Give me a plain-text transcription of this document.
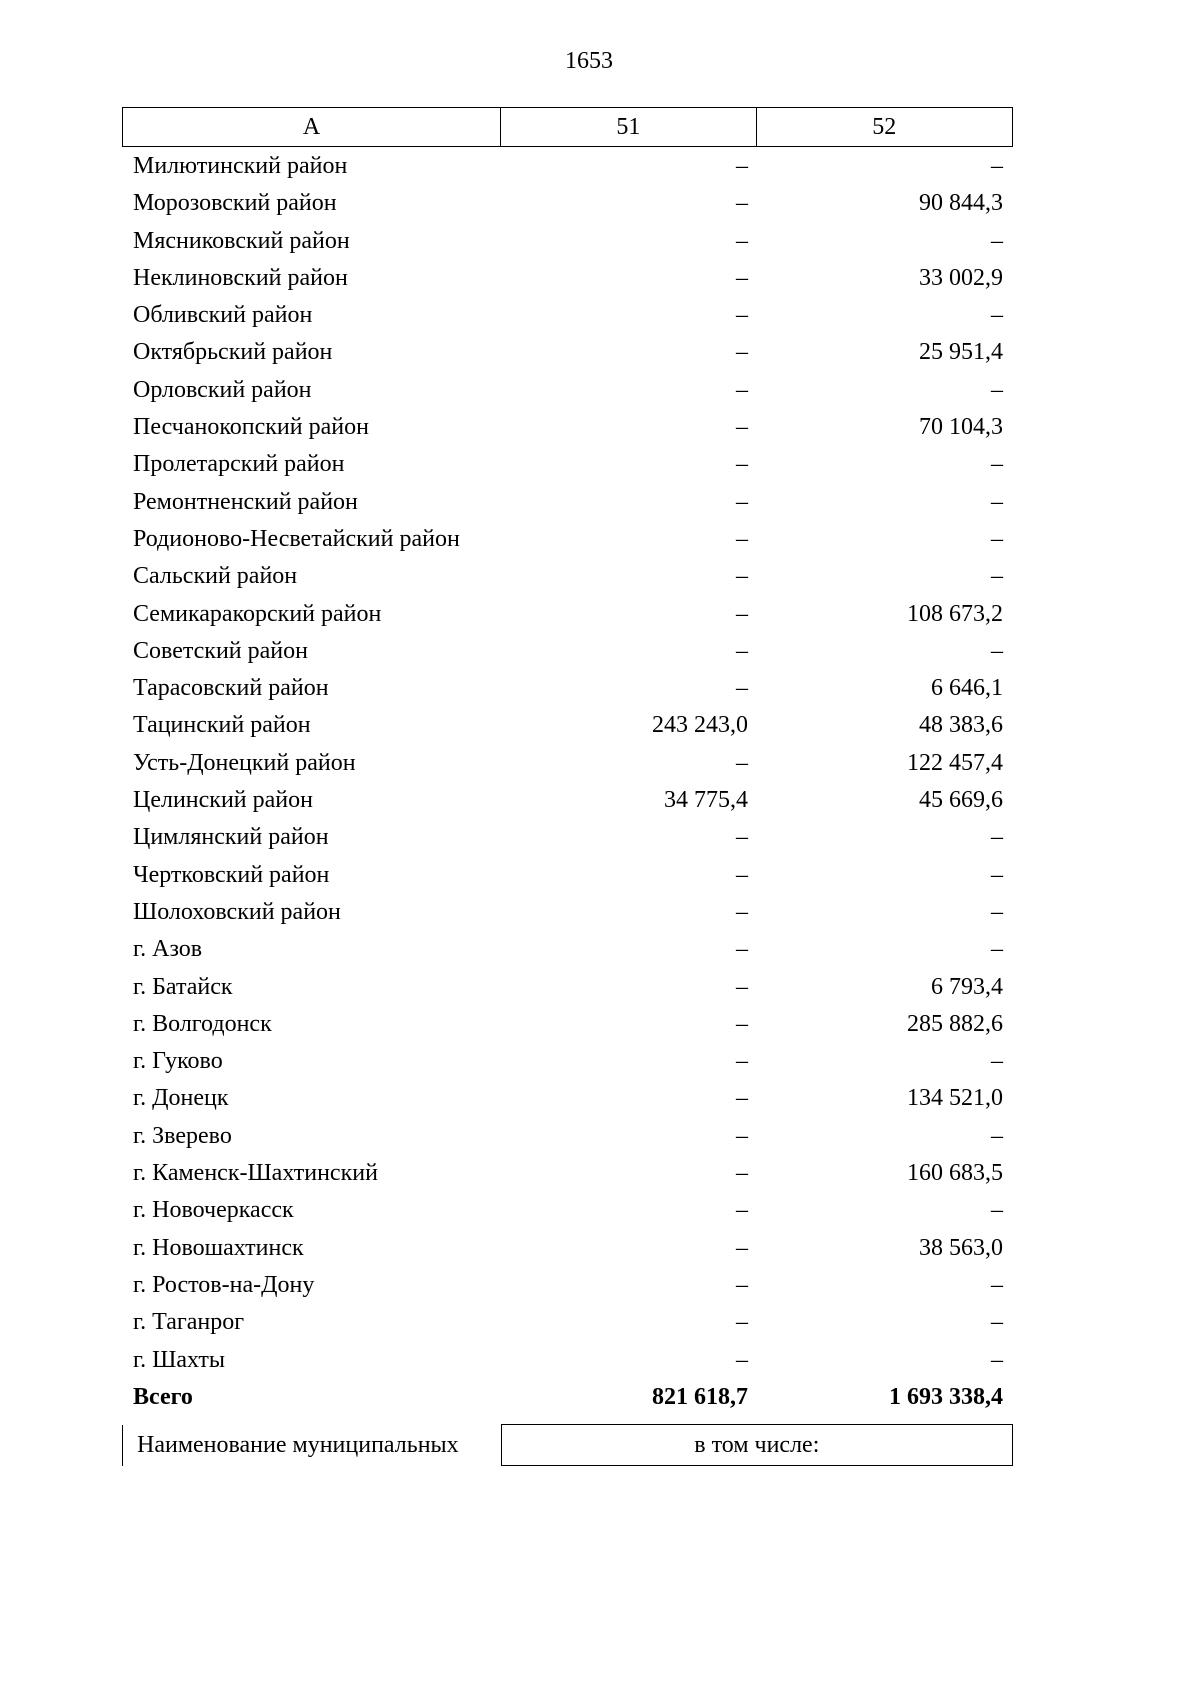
1653
А	51	52
Милютинский район	–	–
Морозовский район	–	90 844,3
Мясниковский район	–	–
Неклиновский район	–	33 002,9
Обливский район	–	–
Октябрьский район	–	25 951,4
Орловский район	–	–
Песчанокопский район	–	70 104,3
Пролетарский район	–	–
Ремонтненский район	–	–
Родионово-Несветайский район	–	–
Сальский район	–	–
Семикаракорский район	–	108 673,2
Советский район	–	–
Тарасовский район	–	6 646,1
Тацинский район	243 243,0	48 383,6
Усть-Донецкий район	–	122 457,4
Целинский район	34 775,4	45 669,6
Цимлянский район	–	–
Чертковский район	–	–
Шолоховский район	–	–
г. Азов	–	–
г. Батайск	–	6 793,4
г. Волгодонск	–	285 882,6
г. Гуково	–	–
г. Донецк	–	134 521,0
г. Зверево	–	–
г. Каменск-Шахтинский	–	160 683,5
г. Новочеркасск	–	–
г. Новошахтинск	–	38 563,0
г. Ростов-на-Дону	–	–
г. Таганрог	–	–
г. Шахты	–	–
Всего	821 618,7	1 693 338,4
Наименование муниципальных	в том числе:
